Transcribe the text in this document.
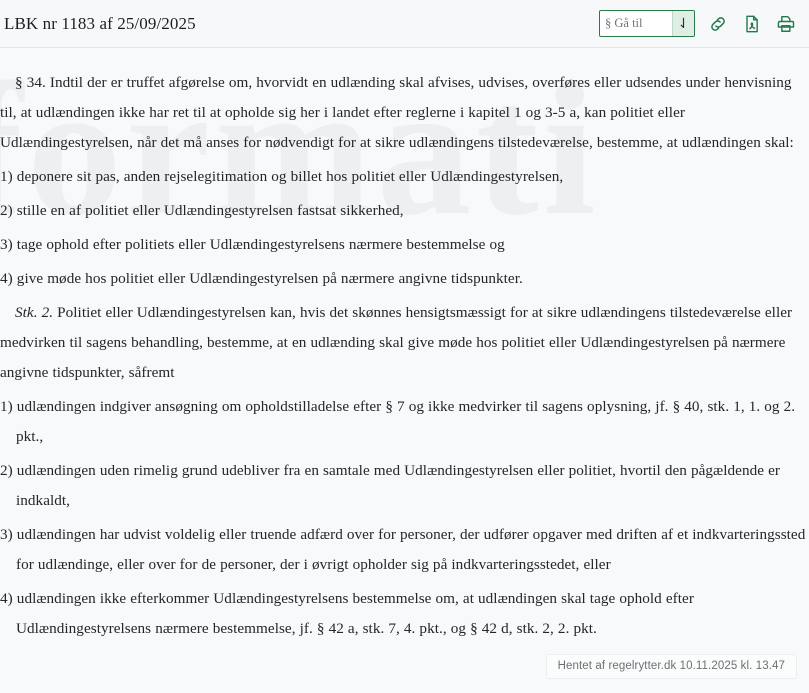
LBK nr 1183 af 25/09/2025
§ Gå til	⇃

§ 34. Indtil der er truffet afgørelse om, hvorvidt en udlænding skal afvises, udvises, overføres eller udsendes under henvisning til, at udlændingen ikke har ret til at opholde sig her i landet efter reglerne i kapitel 1 og 3-5 a, kan politiet eller Udlændingestyrelsen, når det må anses for nødvendigt for at sikre udlændingens tilstedeværelse, bestemme, at udlændingen skal:

1) deponere sit pas, anden rejselegitimation og billet hos politiet eller Udlændingestyrelsen,

2) stille en af politiet eller Udlændingestyrelsen fastsat sikkerhed,

3) tage ophold efter politiets eller Udlændingestyrelsens nærmere bestemmelse og

4) give møde hos politiet eller Udlændingestyrelsen på nærmere angivne tidspunkter.

Stk. 2. Politiet eller Udlændingestyrelsen kan, hvis det skønnes hensigtsmæssigt for at sikre udlændingens tilstedeværelse eller medvirken til sagens behandling, bestemme, at en udlænding skal give møde hos politiet eller Udlændingestyrelsen på nærmere angivne tidspunkter, såfremt

1) udlændingen indgiver ansøgning om opholdstilladelse efter § 7 og ikke medvirker til sagens oplysning, jf. § 40, stk. 1, 1. og 2. pkt.,

2) udlændingen uden rimelig grund udebliver fra en samtale med Udlændingestyrelsen eller politiet, hvortil den pågældende er indkaldt,

3) udlændingen har udvist voldelig eller truende adfærd over for personer, der udfører opgaver med driften af et indkvarteringssted for udlændinge, eller over for de personer, der i øvrigt opholder sig på indkvarteringsstedet, eller

4) udlændingen ikke efterkommer Udlændingestyrelsens bestemmelse om, at udlændingen skal tage ophold efter Udlændingestyrelsens nærmere bestemmelse, jf. § 42 a, stk. 7, 4. pkt., og § 42 d, stk. 2, 2. pkt.

Hentet af regelrytter.dk 10.11.2025 kl. 13.47
